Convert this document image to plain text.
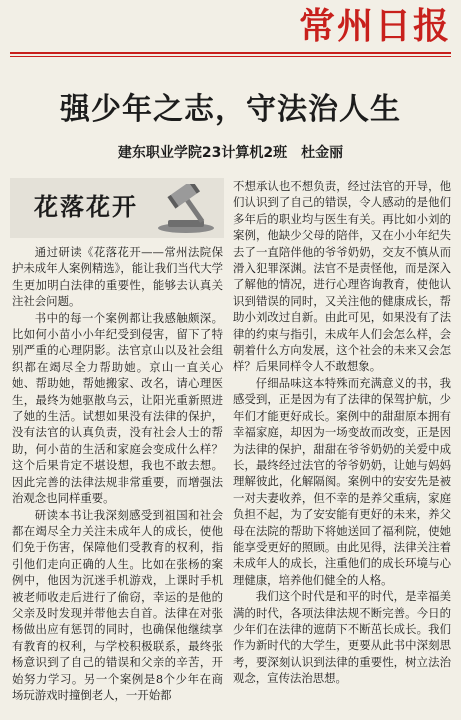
常州日报
强少年之志，守法治人生
建东职业学院23计算机2班　杜金丽
花落花开

通过研读《花落花开——常州法院保护未成年人案例精选》，能让我们当代大学生更加明白法律的重要性，能够去认真关注社会问题。

书中的每一个案例都让我感触颇深。比如何小苗小小年纪受到侵害，留下了特别严重的心理阴影。法官京山以及社会组织都在竭尽全力帮助她。京山一直关心她、帮助她，帮她搬家、改名，请心理医生，最终为她驱散乌云，让阳光重新照进了她的生活。试想如果没有法律的保护，没有法官的认真负责，没有社会人士的帮助，何小苗的生活和家庭会变成什么样？这个后果肯定不堪设想，我也不敢去想。因此完善的法律法规非常重要，而增强法治观念也同样重要。

研读本书让我深刻感受到祖国和社会都在竭尽全力关注未成年人的成长，使他们免于伤害，保障他们受教育的权利，指引他们走向正确的人生。比如在张杨的案例中，他因为沉迷手机游戏，上课时手机被老师收走后进行了偷窃，幸运的是他的父亲及时发现并带他去自首。法律在对张杨做出应有惩罚的同时，也确保他继续享有教育的权利，与学校积极联系，最终张杨意识到了自己的错误和父亲的辛苦，开始努力学习。另一个案例是8个少年在商场玩游戏时撞倒老人，一开始都

不想承认也不想负责，经过法官的开导，他们认识到了自己的错误，令人感动的是他们多年后的职业均与医生有关。再比如小刘的案例，他缺少父母的陪伴，又在小小年纪失去了一直陪伴他的爷爷奶奶，交友不慎从而滑入犯罪深渊。法官不是责怪他，而是深入了解他的情况，进行心理咨询教育，使他认识到错误的同时，又关注他的健康成长，帮助小刘改过自新。由此可见，如果没有了法律的约束与指引，未成年人们会怎么样，会朝着什么方向发展，这个社会的未来又会怎样？后果同样令人不敢想象。

仔细品味这本特殊而充满意义的书，我感受到，正是因为有了法律的保驾护航，少年们才能更好成长。案例中的甜甜原本拥有幸福家庭，却因为一场变故而改变，正是因为法律的保护，甜甜在爷爷奶奶的关爱中成长，最终经过法官的爷爷奶奶，让她与妈妈理解彼此，化解隔阂。案例中的安安先是被一对夫妻收养，但不幸的是养父重病，家庭负担不起，为了安安能有更好的未来，养父母在法院的帮助下将她送回了福利院，使她能享受更好的照顾。由此见得，法律关注着未成年人的成长，注重他们的成长环境与心理健康，培养他们健全的人格。

我们这个时代是和平的时代，是幸福美满的时代，各项法律法规不断完善。今日的少年们在法律的遮荫下不断茁长成长。我们作为新时代的大学生，更要从此书中深刻思考，要深刻认识到法律的重要性，树立法治观念，宣传法治思想。
